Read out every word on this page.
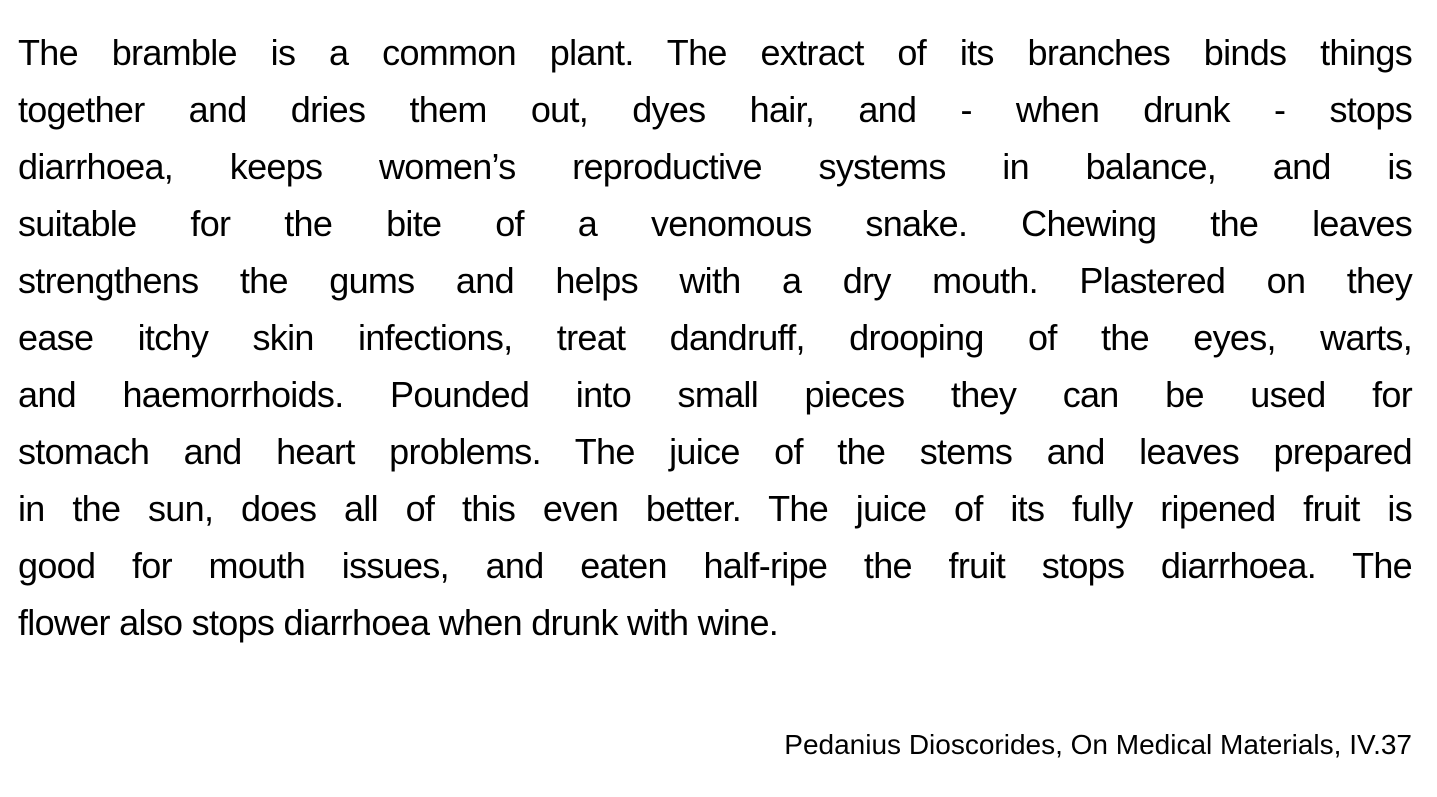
The bramble is a common plant. The extract of its branches binds things
together and dries them out, dyes hair, and - when drunk - stops
diarrhoea, keeps women’s reproductive systems in balance, and is
suitable for the bite of a venomous snake. Chewing the leaves
strengthens the gums and helps with a dry mouth. Plastered on they
ease itchy skin infections, treat dandruff, drooping of the eyes, warts,
and haemorrhoids. Pounded into small pieces they can be used for
stomach and heart problems. The juice of the stems and leaves prepared
in the sun, does all of this even better. The juice of its fully ripened fruit is
good for mouth issues, and eaten half-ripe the fruit stops diarrhoea. The
flower also stops diarrhoea when drunk with wine.
Pedanius Dioscorides, On Medical Materials, IV.37
